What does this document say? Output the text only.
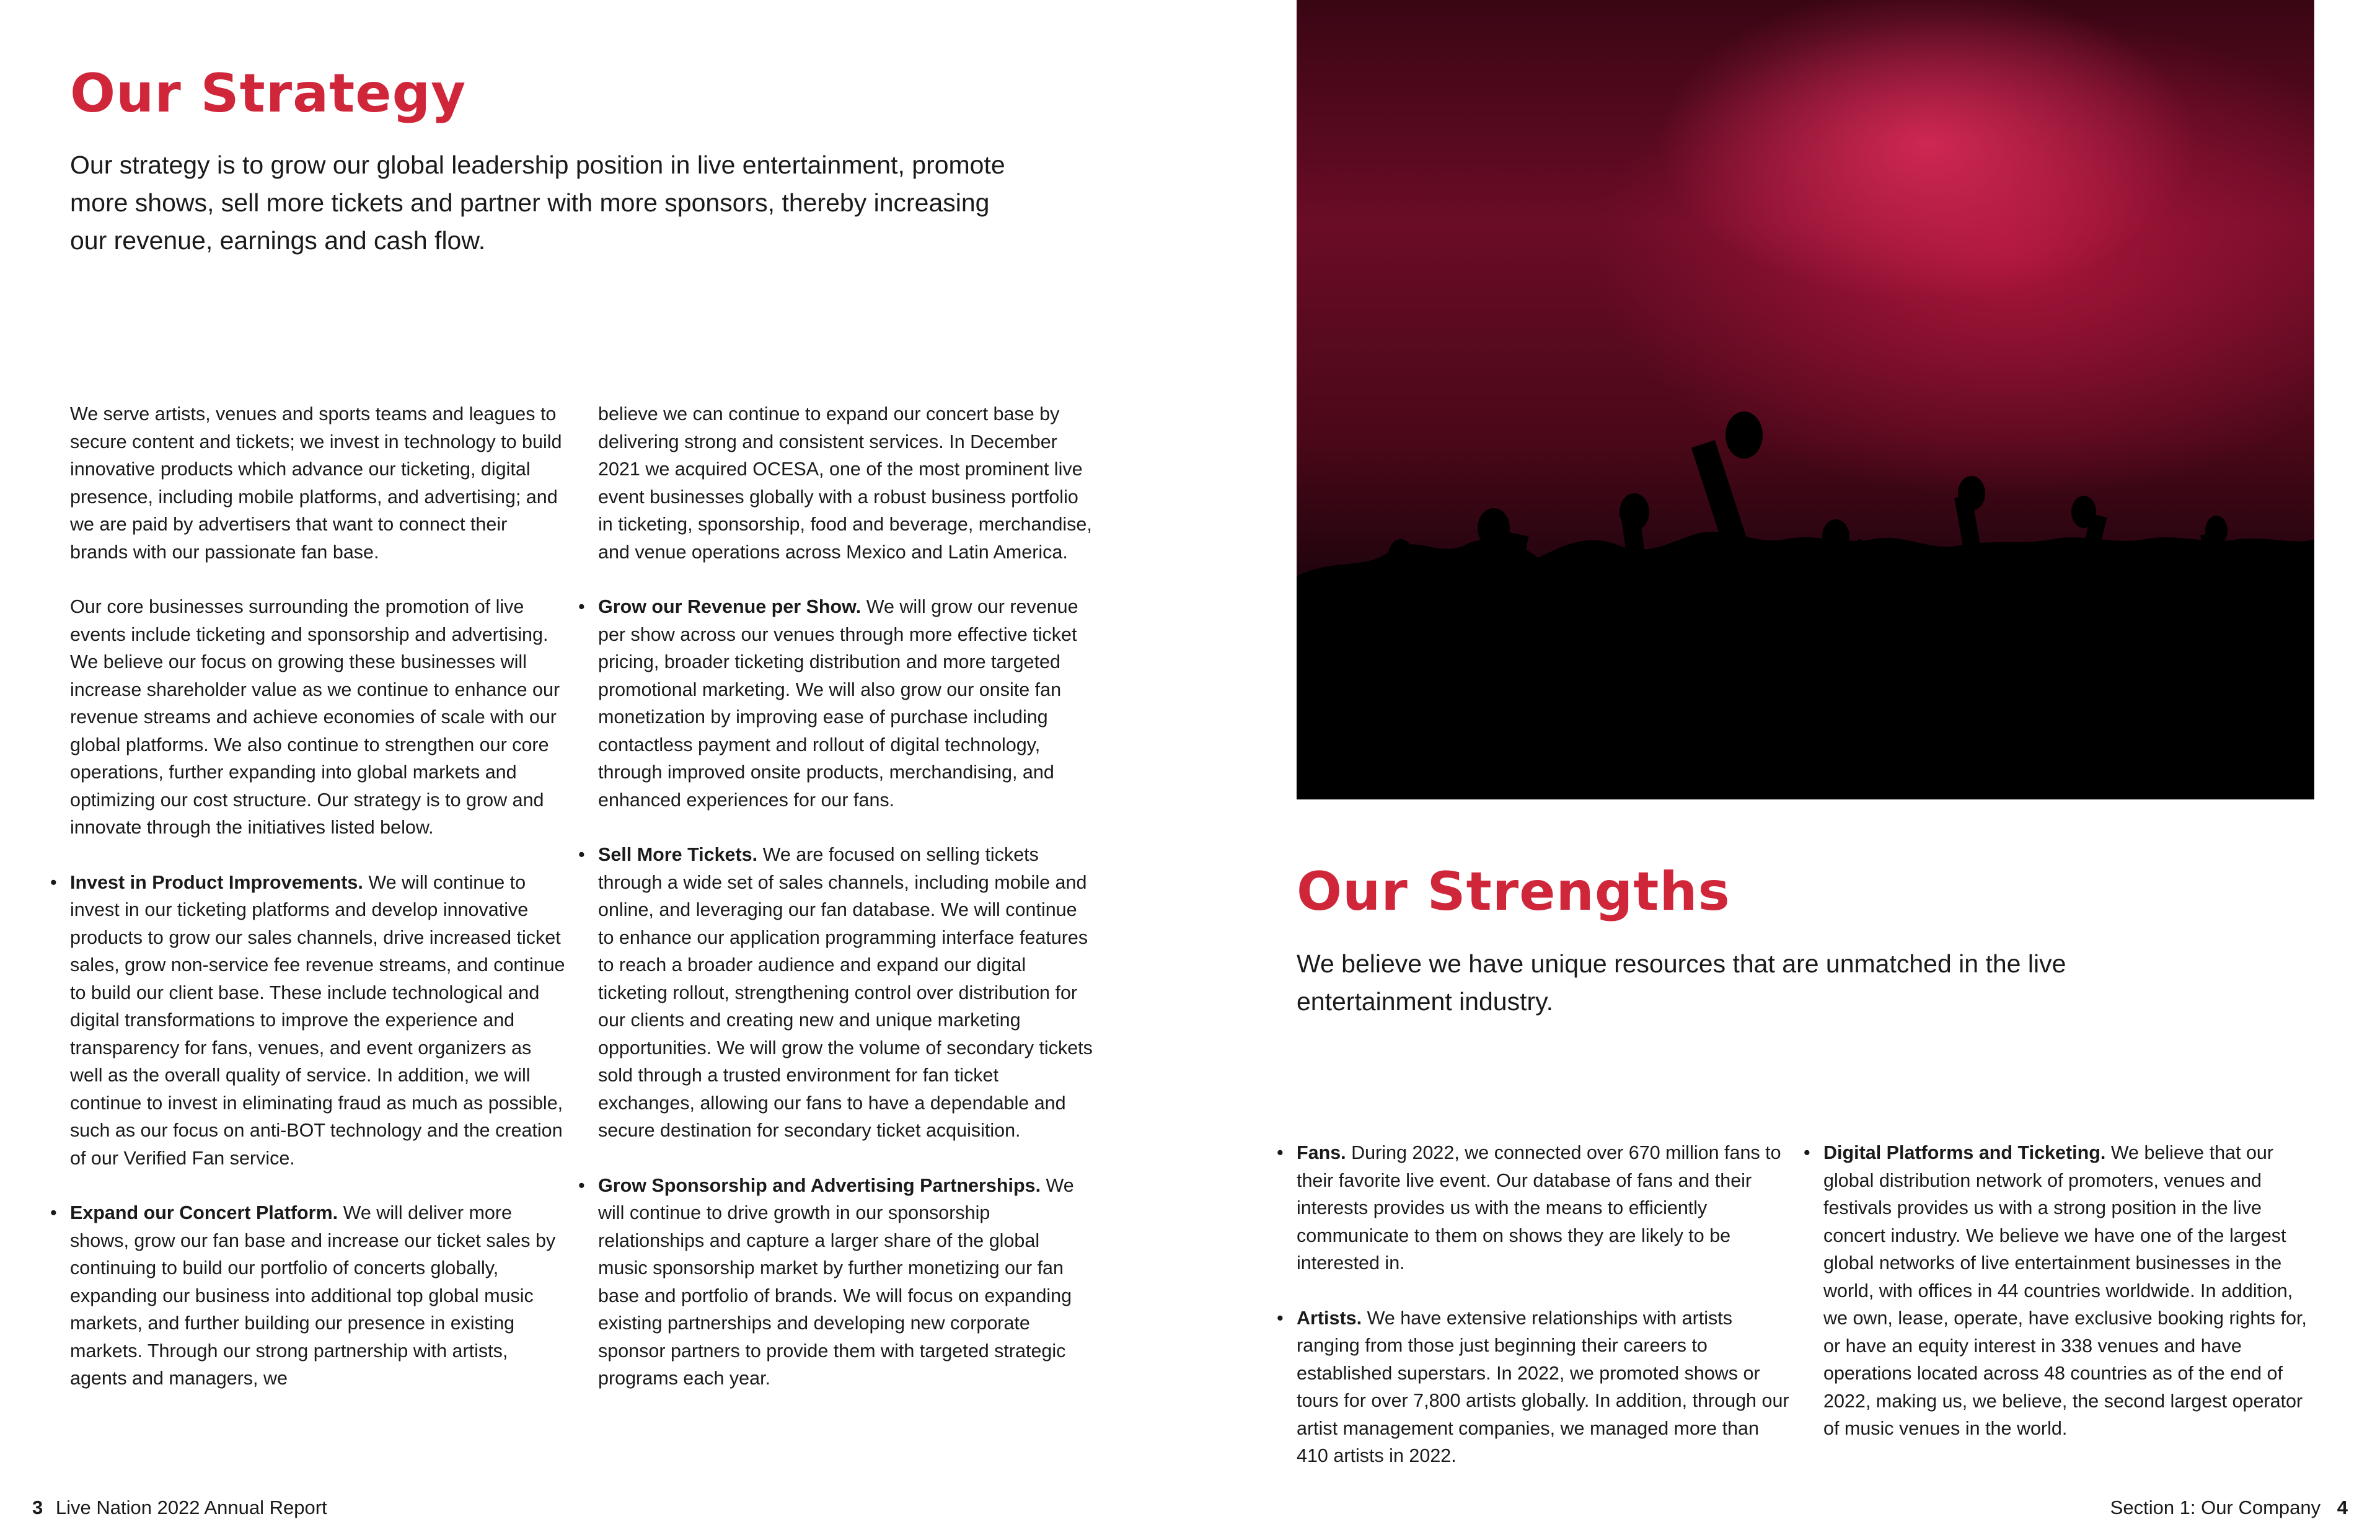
Our Strategy

Our strategy is to grow our global leadership position in live entertainment, promote more shows, sell more tickets and partner with more sponsors, thereby increasing our revenue, earnings and cash flow.

We serve artists, venues and sports teams and leagues to secure content and tickets; we invest in technology to build innovative products which advance our ticketing, digital presence, including mobile platforms, and advertising; and we are paid by advertisers that want to connect their brands with our passionate fan base.

Our core businesses surrounding the promotion of live events include ticketing and sponsorship and advertising. We believe our focus on growing these businesses will increase shareholder value as we continue to enhance our revenue streams and achieve economies of scale with our global platforms. We also continue to strengthen our core operations, further expanding into global markets and optimizing our cost structure. Our strategy is to grow and innovate through the initiatives listed below.

• Invest in Product Improvements. We will continue to invest in our ticketing platforms and develop innovative products to grow our sales channels, drive increased ticket sales, grow non-service fee revenue streams, and continue to build our client base. These include technological and digital transformations to improve the experience and transparency for fans, venues, and event organizers as well as the overall quality of service. In addition, we will continue to invest in eliminating fraud as much as possible, such as our focus on anti-BOT technology and the creation of our Verified Fan service.
• Expand our Concert Platform. We will deliver more shows, grow our fan base and increase our ticket sales by continuing to build our portfolio of concerts globally, expanding our business into additional top global music markets, and further building our presence in existing markets. Through our strong partnership with artists, agents and managers, we

believe we can continue to expand our concert base by delivering strong and consistent services. In December 2021 we acquired OCESA, one of the most prominent live event businesses globally with a robust business portfolio in ticketing, sponsorship, food and beverage, merchandise, and venue operations across Mexico and Latin America.

• Grow our Revenue per Show. We will grow our revenue per show across our venues through more effective ticket pricing, broader ticketing distribution and more targeted promotional marketing. We will also grow our onsite fan monetization by improving ease of purchase including contactless payment and rollout of digital technology, through improved onsite products, merchandising, and enhanced experiences for our fans.
• Sell More Tickets. We are focused on selling tickets through a wide set of sales channels, including mobile and online, and leveraging our fan database. We will continue to enhance our application programming interface features to reach a broader audience and expand our digital ticketing rollout, strengthening control over distribution for our clients and creating new and unique marketing opportunities. We will grow the volume of secondary tickets sold through a trusted environment for fan ticket exchanges, allowing our fans to have a dependable and secure destination for secondary ticket acquisition.
• Grow Sponsorship and Advertising Partnerships. We will continue to drive growth in our sponsorship relationships and capture a larger share of the global music sponsorship market by further monetizing our fan base and portfolio of brands. We will focus on expanding existing partnerships and developing new corporate sponsor partners to provide them with targeted strategic programs each year.
3 Live Nation 2022 Annual Report
Our Strengths

We believe we have unique resources that are unmatched in the live entertainment industry.

• Fans. During 2022, we connected over 670 million fans to their favorite live event. Our database of fans and their interests provides us with the means to efficiently communicate to them on shows they are likely to be interested in.
• Artists. We have extensive relationships with artists ranging from those just beginning their careers to established superstars. In 2022, we promoted shows or tours for over 7,800 artists globally. In addition, through our artist management companies, we managed more than 410 artists in 2022.
• Digital Platforms and Ticketing. We believe that our global distribution network of promoters, venues and festivals provides us with a strong position in the live concert industry. We believe we have one of the largest global networks of live entertainment businesses in the world, with offices in 44 countries worldwide. In addition, we own, lease, operate, have exclusive booking rights for, or have an equity interest in 338 venues and have operations located across 48 countries as of the end of 2022, making us, we believe, the second largest operator of music venues in the world.
Section 1: Our Company 4
